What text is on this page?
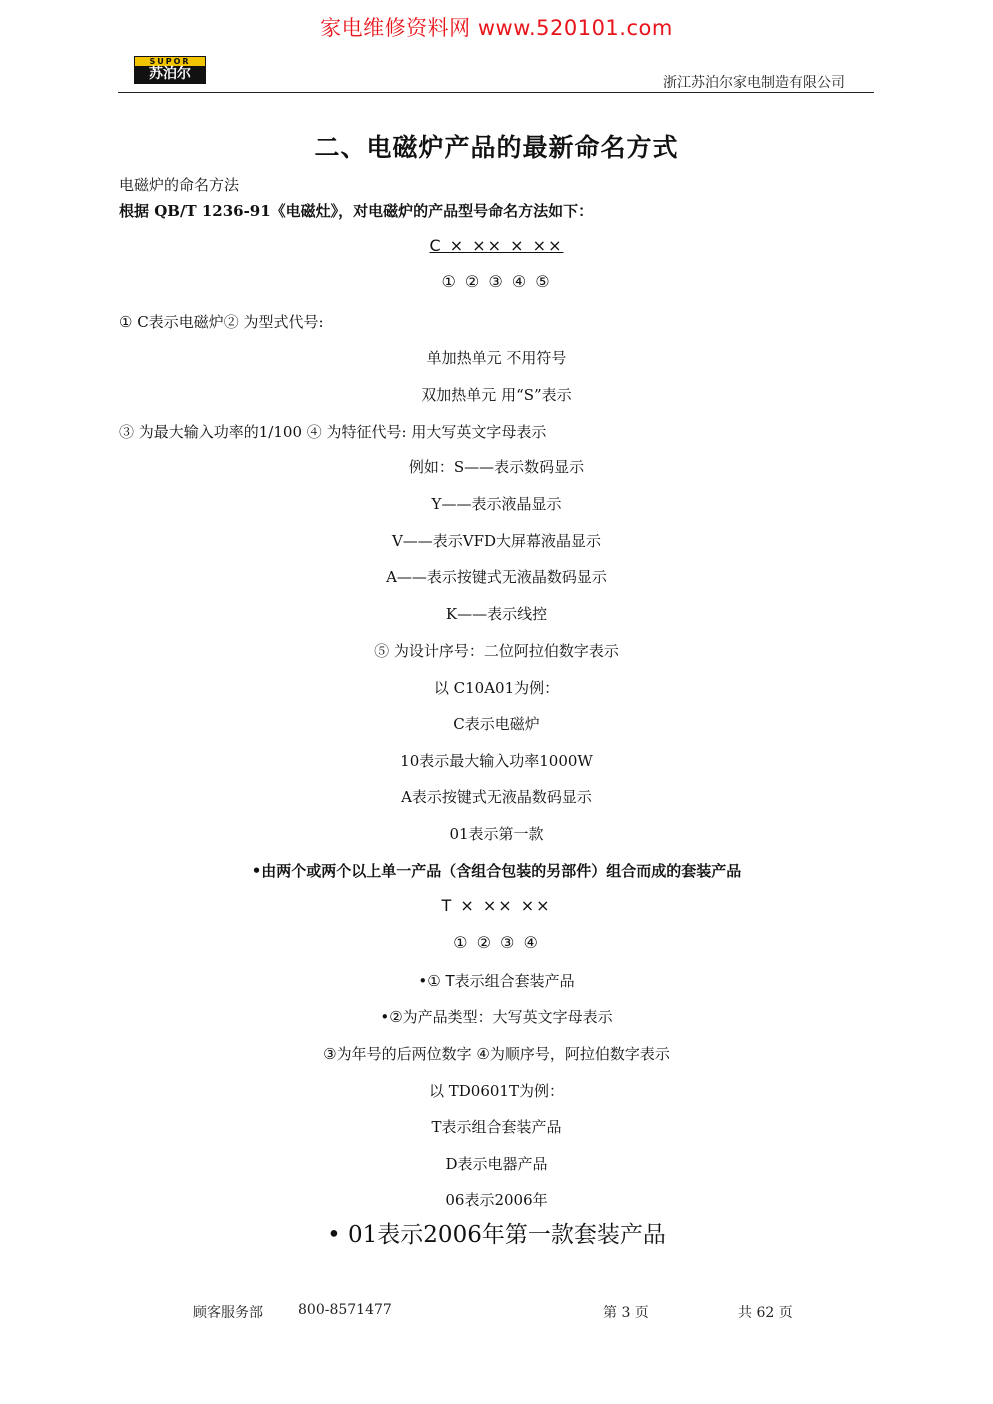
家电维修资料网 www.520101.com
SUPOR
苏泊尔
浙江苏泊尔家电制造有限公司
二、电磁炉产品的最新命名方式
电磁炉的命名方法
根据 QB/T 1236-91《电磁灶》，对电磁炉的产品型号命名方法如下：
C × ×× × ××
① ② ③ ④ ⑤
① C表示电磁炉② 为型式代号:
单加热单元 不用符号
双加热单元 用“S”表示
③ 为最大输入功率的1/100 ④ 为特征代号: 用大写英文字母表示
例如：S——表示数码显示
Y——表示液晶显示
V——表示VFD大屏幕液晶显示
A——表示按键式无液晶数码显示
K——表示线控
⑤ 为设计序号：二位阿拉伯数字表示
以 C10A01为例：
C表示电磁炉
10表示最大输入功率1000W
A表示按键式无液晶数码显示
01表示第一款
•由两个或两个以上单一产品（含组合包装的另部件）组合而成的套装产品
T × ×× ××
① ② ③ ④
•① T表示组合套装产品
•②为产品类型：大写英文字母表示
③为年号的后两位数字 ④为顺序号，阿拉伯数字表示
以 TD0601T为例：
T表示组合套装产品
D表示电器产品
06表示2006年
• 01表示2006年第一款套装产品
顾客服务部	800-8571477	第 3 页	共 62 页
